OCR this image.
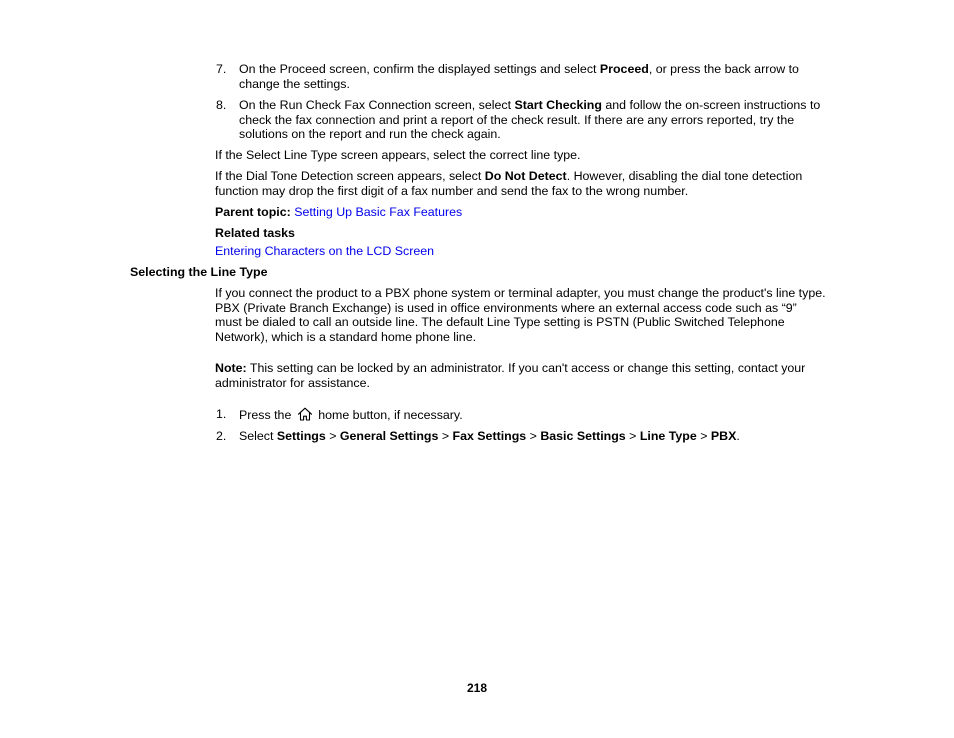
7.	On the Proceed screen, confirm the displayed settings and select Proceed, or press the back arrow to change the settings.
8.	On the Run Check Fax Connection screen, select Start Checking and follow the on-screen instructions to check the fax connection and print a report of the check result. If there are any errors reported, try the solutions on the report and run the check again.
If the Select Line Type screen appears, select the correct line type.
If the Dial Tone Detection screen appears, select Do Not Detect. However, disabling the dial tone detection function may drop the first digit of a fax number and send the fax to the wrong number.
Parent topic: Setting Up Basic Fax Features
Related tasks
Entering Characters on the LCD Screen
Selecting the Line Type
If you connect the product to a PBX phone system or terminal adapter, you must change the product's line type. PBX (Private Branch Exchange) is used in office environments where an external access code such as “9” must be dialed to call an outside line. The default Line Type setting is PSTN (Public Switched Telephone Network), which is a standard home phone line.
Note: This setting can be locked by an administrator. If you can't access or change this setting, contact your administrator for assistance.
1.	Press the  home button, if necessary.
2.	Select Settings > General Settings > Fax Settings > Basic Settings > Line Type > PBX.
218
